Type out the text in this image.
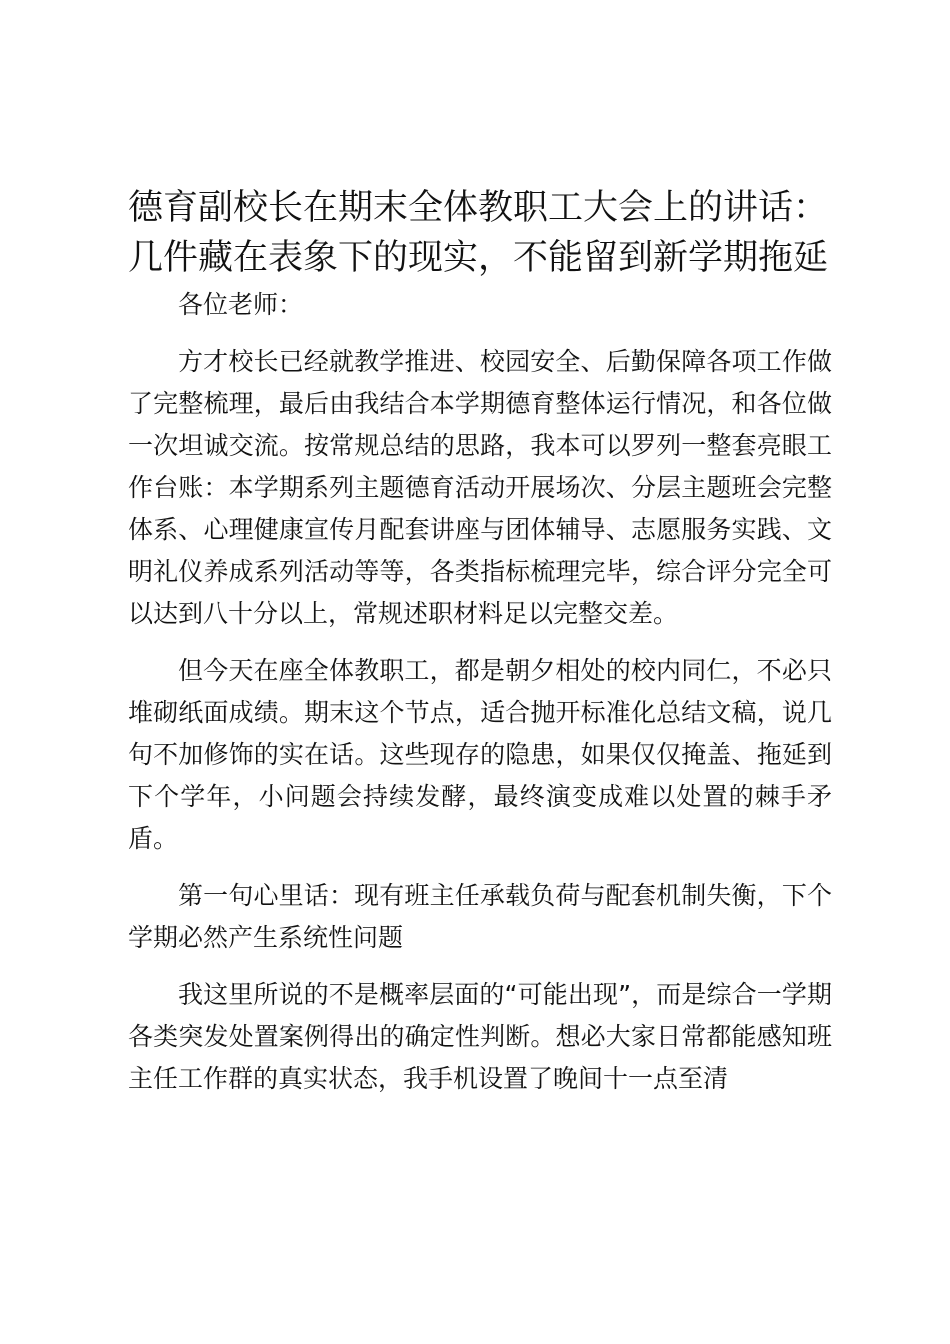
德育副校长在期末全体教职工大会上的讲话：
几件藏在表象下的现实，不能留到新学期拖延

各位老师：

方才校长已经就教学推进、校园安全、后勤保障各项工作做了完整梳理，最后由我结合本学期德育整体运行情况，和各位做一次坦诚交流。按常规总结的思路，我本可以罗列一整套亮眼工作台账：本学期系列主题德育活动开展场次、分层主题班会完整体系、心理健康宣传月配套讲座与团体辅导、志愿服务实践、文明礼仪养成系列活动等等，各类指标梳理完毕，综合评分完全可以达到八十分以上，常规述职材料足以完整交差。

但今天在座全体教职工，都是朝夕相处的校内同仁，不必只堆砌纸面成绩。期末这个节点，适合抛开标准化总结文稿，说几句不加修饰的实在话。这些现存的隐患，如果仅仅掩盖、拖延到下个学年，小问题会持续发酵，最终演变成难以处置的棘手矛盾。

第一句心里话：现有班主任承载负荷与配套机制失衡，下个学期必然产生系统性问题

我这里所说的不是概率层面的“可能出现”，而是综合一学期各类突发处置案例得出的确定性判断。想必大家日常都能感知班主任工作群的真实状态，我手机设置了晚间十一点至清
